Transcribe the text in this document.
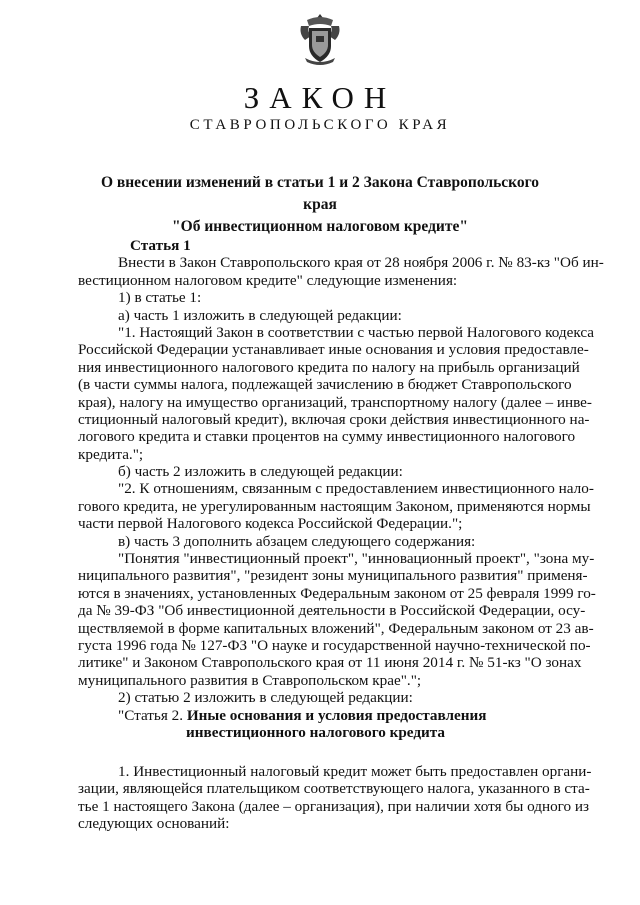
ЗАКОН
СТАВРОПОЛЬСКОГО КРАЯ
О внесении изменений в статьи 1 и 2 Закона Ставропольского края
"Об инвестиционном налоговом кредите"
Статья 1
Внести в Закон Ставропольского края от 28 ноября 2006 г. № 83-кз "Об ин-
вестиционном налоговом кредите" следующие изменения:
1) в статье 1:
а) часть 1 изложить в следующей редакции:
"1. Настоящий Закон в соответствии с частью первой Налогового кодекса
Российской Федерации устанавливает иные основания и условия предоставле-
ния инвестиционного налогового кредита по налогу на прибыль организаций
(в части суммы налога, подлежащей зачислению в бюджет Ставропольского
края), налогу на имущество организаций, транспортному налогу (далее – инве-
стиционный налоговый кредит), включая сроки действия инвестиционного на-
логового кредита и ставки процентов на сумму инвестиционного налогового
кредита.";
б) часть 2 изложить в следующей редакции:
"2. К отношениям, связанным с предоставлением инвестиционного нало-
гового кредита, не урегулированным настоящим Законом, применяются нормы
части первой Налогового кодекса Российской Федерации.";
в) часть 3 дополнить абзацем следующего содержания:
"Понятия "инвестиционный проект", "инновационный проект", "зона му-
ниципального развития", "резидент зоны муниципального развития" применя-
ются в значениях, установленных Федеральным законом от 25 февраля 1999 го-
да № 39-ФЗ "Об инвестиционной деятельности в Российской Федерации, осу-
ществляемой в форме капитальных вложений", Федеральным законом от 23 ав-
густа 1996 года № 127-ФЗ "О науке и государственной научно-технической по-
литике" и Законом Ставропольского края от 11 июня 2014 г. № 51-кз "О зонах
муниципального развития в Ставропольском крае".";
2) статью 2 изложить в следующей редакции:
"Статья 2. Иные основания и условия предоставления
инвестиционного налогового кредита
1. Инвестиционный налоговый кредит может быть предоставлен органи-
зации, являющейся плательщиком соответствующего налога, указанного в ста-
тье 1 настоящего Закона (далее – организация), при наличии хотя бы одного из
следующих оснований:
